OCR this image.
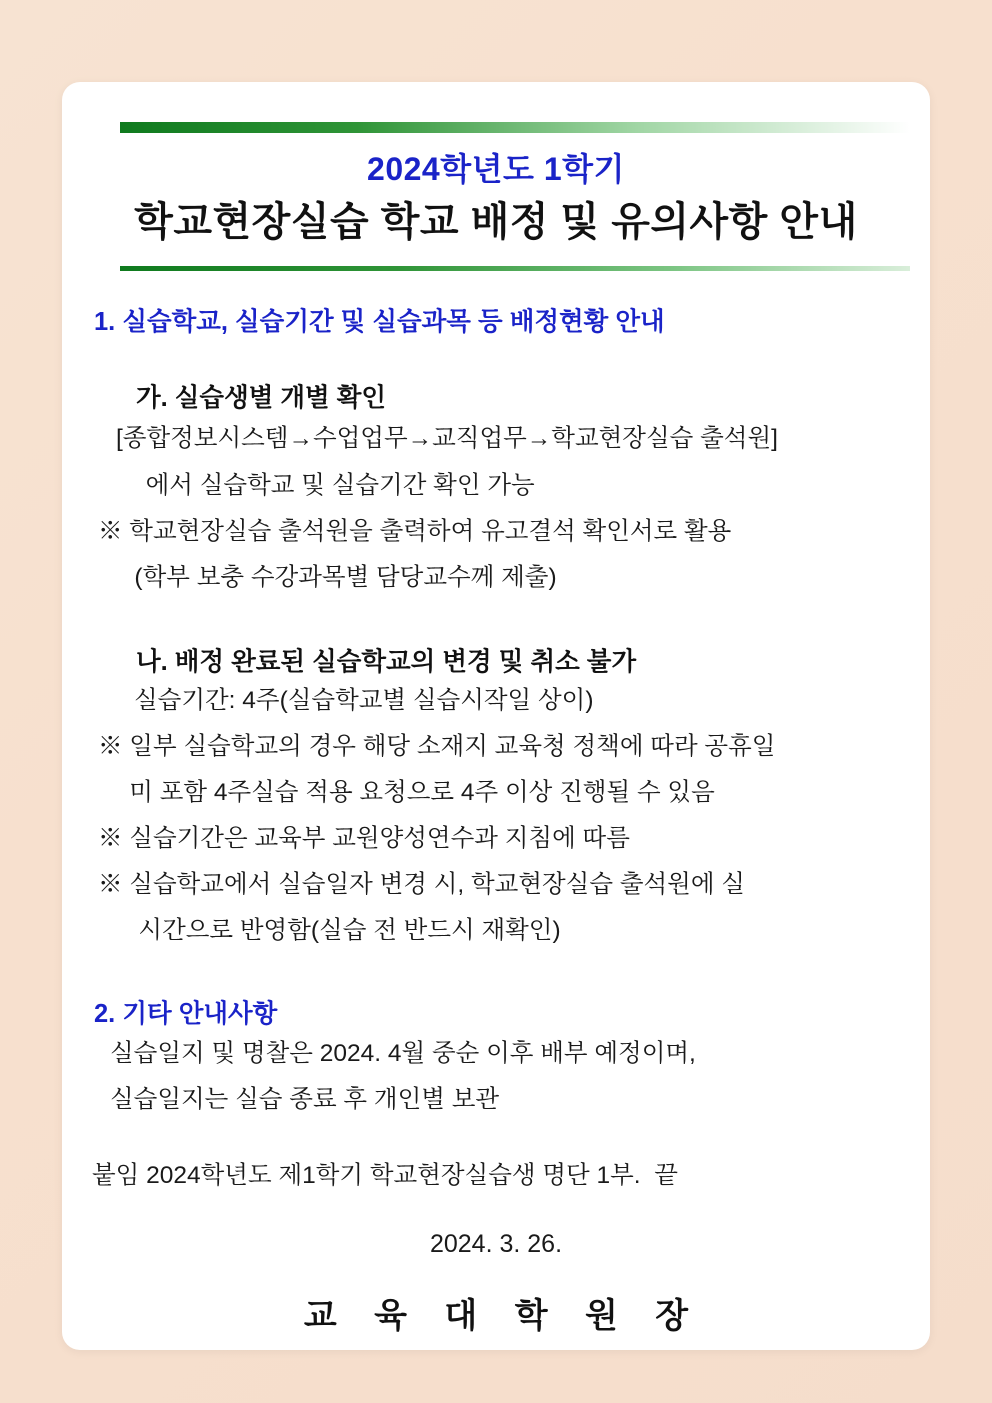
2024학년도 1학기
학교현장실습 학교 배정 및 유의사항 안내
1. 실습학교, 실습기간 및 실습과목 등 배정현황 안내
가. 실습생별 개별 확인
[종합정보시스템→수업업무→교직업무→학교현장실습 출석원]
에서 실습학교 및 실습기간 확인 가능
※ 학교현장실습 출석원을 출력하여 유고결석 확인서로 활용
(학부 보충 수강과목별 담당교수께 제출)
나. 배정 완료된 실습학교의 변경 및 취소 불가
실습기간: 4주(실습학교별 실습시작일 상이)
※ 일부 실습학교의 경우 해당 소재지 교육청 정책에 따라 공휴일
미 포함 4주실습 적용 요청으로 4주 이상 진행될 수 있음
※ 실습기간은 교육부 교원양성연수과 지침에 따름
※ 실습학교에서 실습일자 변경 시, 학교현장실습 출석원에 실
시간으로 반영함(실습 전 반드시 재확인)
2. 기타 안내사항
실습일지 및 명찰은 2024. 4월 중순 이후 배부 예정이며,
실습일지는 실습 종료 후 개인별 보관
붙임 2024학년도 제1학기 학교현장실습생 명단 1부.  끝
2024. 3. 26.
교 육 대 학 원 장
